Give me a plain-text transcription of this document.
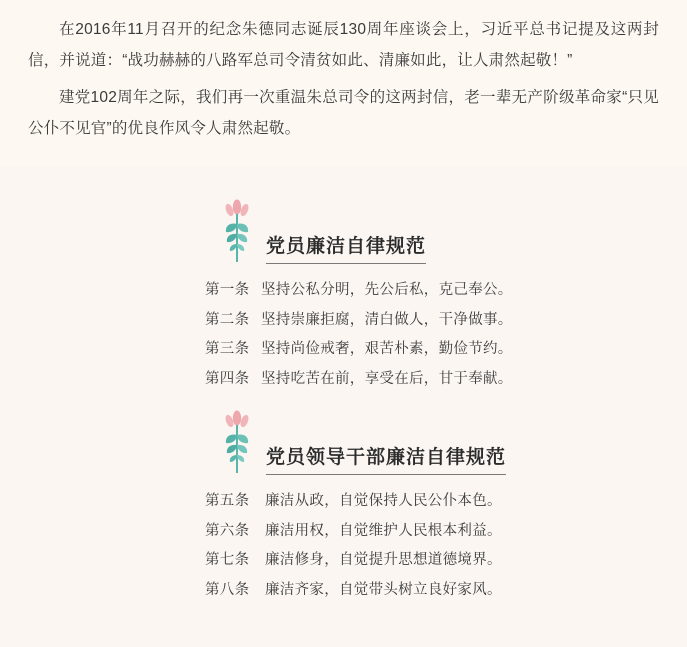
在2016年11月召开的纪念朱德同志诞辰130周年座谈会上，习近平总书记提及这两封信，并说道：“战功赫赫的八路军总司令清贫如此、清廉如此，让人肃然起敬！”

建党102周年之际，我们再一次重温朱总司令的这两封信，老一辈无产阶级革命家“只见公仆不见官”的优良作风令人肃然起敬。

党员廉洁自律规范
第一条 坚持公私分明，先公后私，克己奉公。
第二条 坚持崇廉拒腐，清白做人，干净做事。
第三条 坚持尚俭戒奢，艰苦朴素，勤俭节约。
第四条 坚持吃苦在前，享受在后，甘于奉献。
党员领导干部廉洁自律规范
第五条	廉洁从政，自觉保持人民公仆本色。
第六条	廉洁用权，自觉维护人民根本利益。
第七条	廉洁修身，自觉提升思想道德境界。
第八条	廉洁齐家，自觉带头树立良好家风。
